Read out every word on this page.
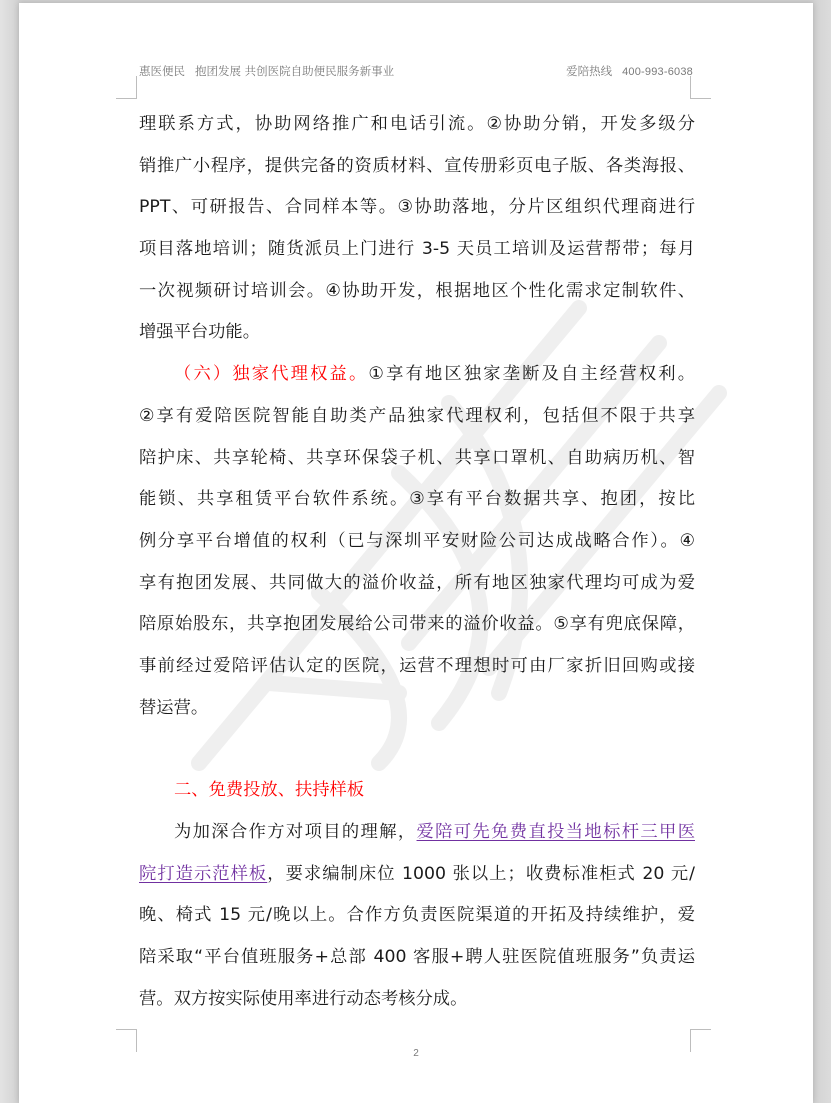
惠医便民 抱团发展 共创医院自助便民服务新事业	爱陪热线 400-993-6038
理联系方式，协助网络推广和电话引流。②协助分销，开发多级分
销推广小程序，提供完备的资质材料、宣传册彩页电子版、各类海报、
PPT、可研报告、合同样本等。③协助落地，分片区组织代理商进行
项目落地培训；随货派员上门进行 3-5 天员工培训及运营帮带；每月
一次视频研讨培训会。④协助开发，根据地区个性化需求定制软件、
增强平台功能。
（六）独家代理权益。①享有地区独家垄断及自主经营权利。
②享有爱陪医院智能自助类产品独家代理权利，包括但不限于共享
陪护床、共享轮椅、共享环保袋子机、共享口罩机、自助病历机、智
能锁、共享租赁平台软件系统。③享有平台数据共享、抱团，按比
例分享平台增值的权利（已与深圳平安财险公司达成战略合作）。④
享有抱团发展、共同做大的溢价收益，所有地区独家代理均可成为爱
陪原始股东，共享抱团发展给公司带来的溢价收益。⑤享有兜底保障，
事前经过爱陪评估认定的医院，运营不理想时可由厂家折旧回购或接
替运营。
二、免费投放、扶持样板
为加深合作方对项目的理解，爱陪可先免费直投当地标杆三甲医
院打造示范样板，要求编制床位 1000 张以上；收费标准柜式 20 元/
晚、椅式 15 元/晚以上。合作方负责医院渠道的开拓及持续维护，爱
陪采取“平台值班服务+总部 400 客服+聘人驻医院值班服务”负责运
营。双方按实际使用率进行动态考核分成。
2
